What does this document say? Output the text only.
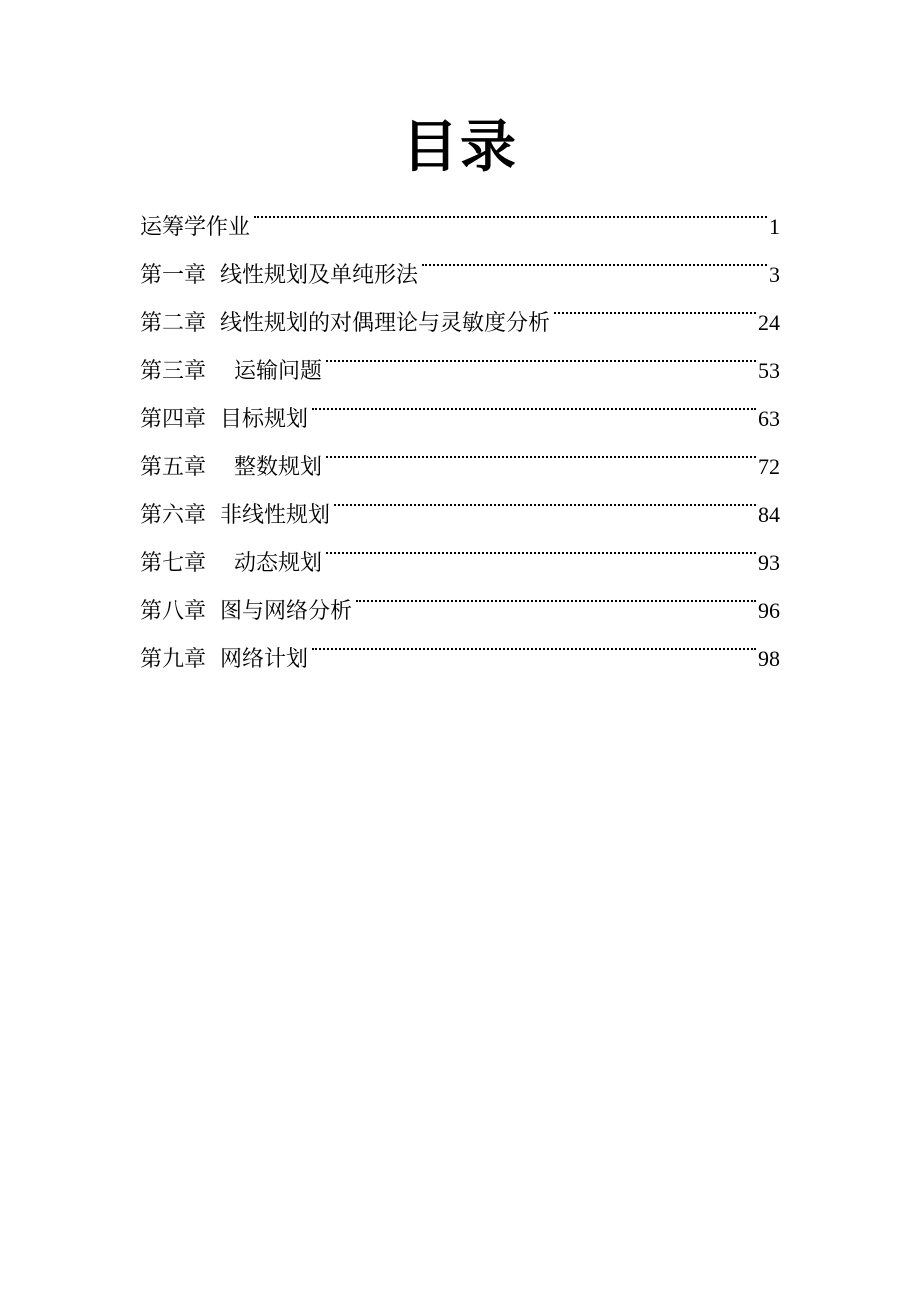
目录
运筹学作业	1
第一章  线性规划及单纯形法	3
第二章  线性规划的对偶理论与灵敏度分析	24
第三章    运输问题	53
第四章  目标规划	63
第五章    整数规划	72
第六章  非线性规划	84
第七章    动态规划	93
第八章  图与网络分析	96
第九章  网络计划	98
